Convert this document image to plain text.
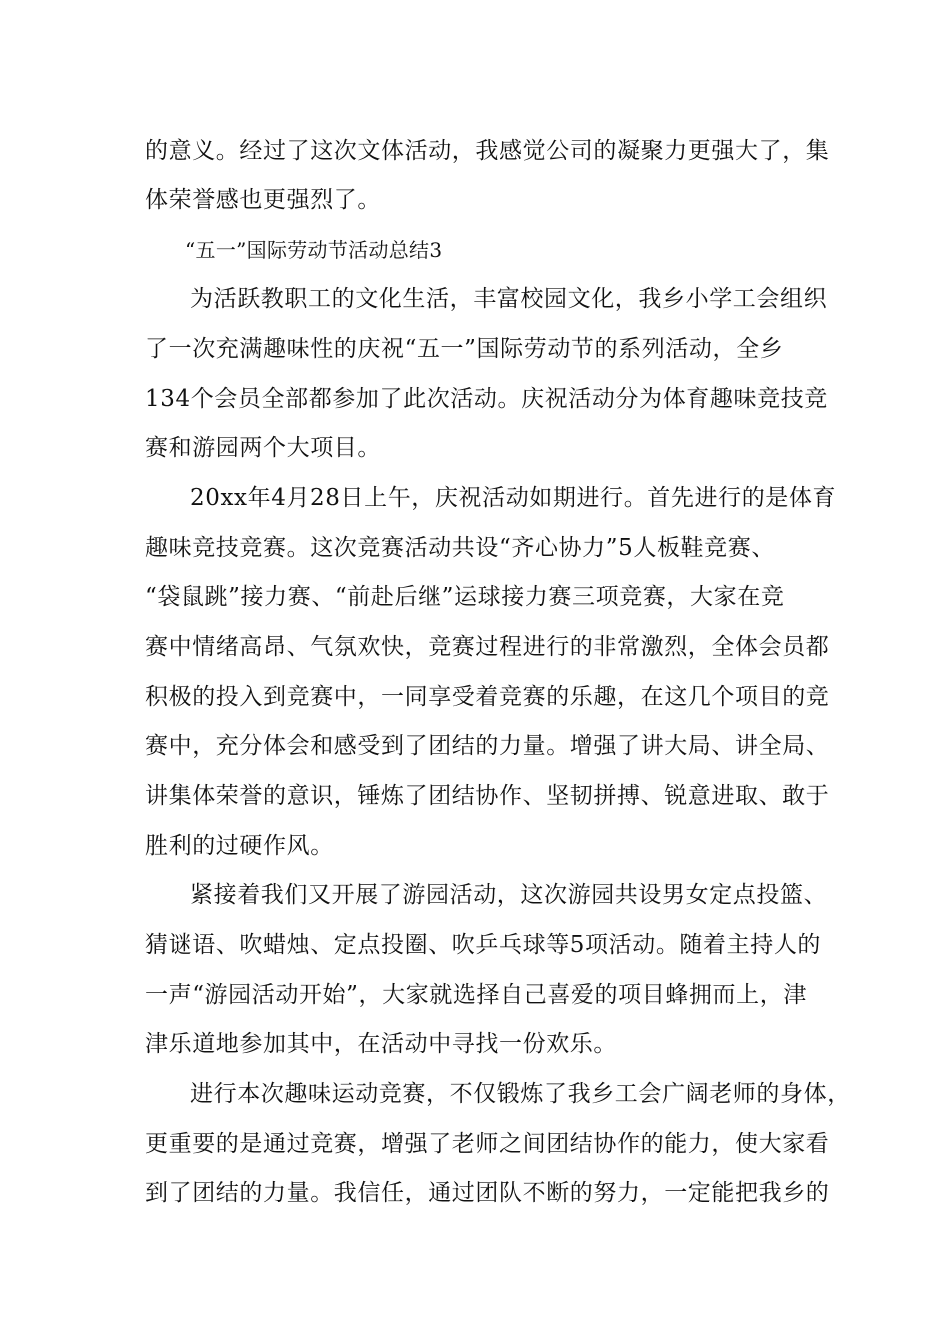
的意义。经过了这次文体活动，我感觉公司的凝聚力更强大了，集
体荣誉感也更强烈了。
“五一”国际劳动节活动总结3
为活跃教职工的文化生活，丰富校园文化，我乡小学工会组织
了一次充满趣味性的庆祝“五一”国际劳动节的系列活动，全乡
134个会员全部都参加了此次活动。庆祝活动分为体育趣味竞技竞
赛和游园两个大项目。
20xx年4月28日上午，庆祝活动如期进行。首先进行的是体育
趣味竞技竞赛。这次竞赛活动共设“齐心协力”5人板鞋竞赛、
“袋鼠跳”接力赛、“前赴后继”运球接力赛三项竞赛，大家在竞
赛中情绪高昂、气氛欢快，竞赛过程进行的非常激烈，全体会员都
积极的投入到竞赛中，一同享受着竞赛的乐趣，在这几个项目的竞
赛中，充分体会和感受到了团结的力量。增强了讲大局、讲全局、
讲集体荣誉的意识，锤炼了团结协作、坚韧拼搏、锐意进取、敢于
胜利的过硬作风。
紧接着我们又开展了游园活动，这次游园共设男女定点投篮、
猜谜语、吹蜡烛、定点投圈、吹乒乓球等5项活动。随着主持人的
一声“游园活动开始”，大家就选择自己喜爱的项目蜂拥而上，津
津乐道地参加其中，在活动中寻找一份欢乐。
进行本次趣味运动竞赛，不仅锻炼了我乡工会广阔老师的身体，
更重要的是通过竞赛，增强了老师之间团结协作的能力，使大家看
到了团结的力量。我信任，通过团队不断的努力，一定能把我乡的
